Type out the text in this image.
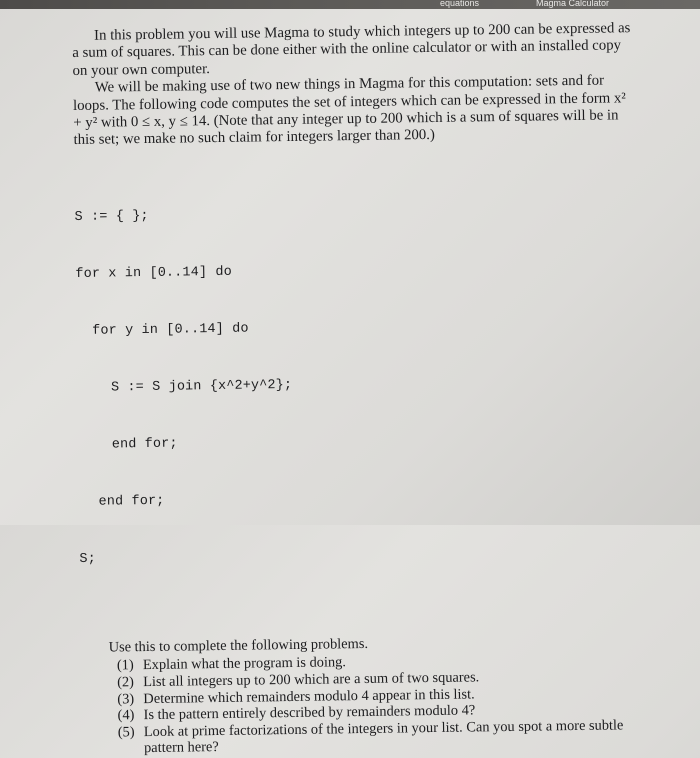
equations	Magma Calculator

In this problem you will use Magma to study which integers up to 200 can be expressed as a sum of squares. This can be done either with the online calculator or with an installed copy on your own computer.

We will be making use of two new things in Magma for this computation: sets and for loops. The following code computes the set of integers which can be expressed in the form x² + y² with 0 ≤ x, y ≤ 14. (Note that any integer up to 200 which is a sum of squares will be in this set; we make no such claim for integers larger than 200.)

S := { };

for x in [0..14] do

for y in [0..14] do

S := S join {x^2+y^2};

end for;

end for;

S;

Use this to complete the following problems.
(1) Explain what the program is doing.
(2) List all integers up to 200 which are a sum of two squares.
(3) Determine which remainders modulo 4 appear in this list.
(4) Is the pattern entirely described by remainders modulo 4?
(5) Look at prime factorizations of the integers in your list. Can you spot a more subtle pattern here?
